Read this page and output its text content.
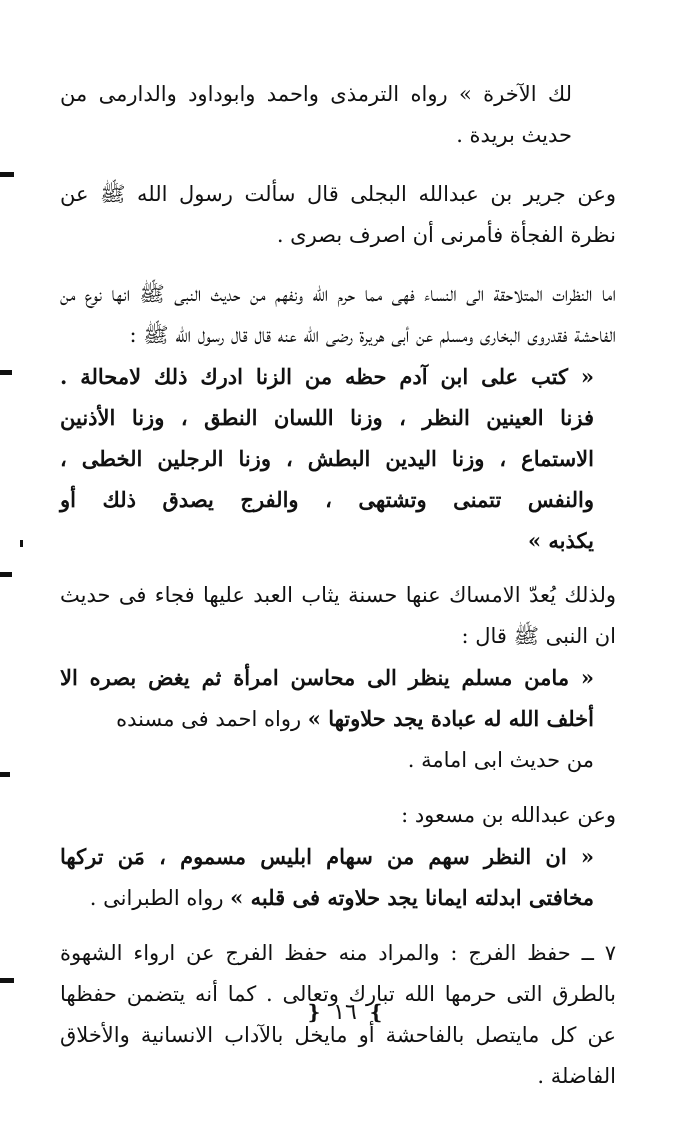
لك الآخرة » رواه الترمذى واحمد وابوداود والدارمى من حديث بريدة .

وعن جرير بن عبدالله البجلى قال سألت رسول الله ﷺ عن نظرة الفجأة فأمرنى أن اصرف بصرى .

اما النظرات المتلاحقة الى النساء فهى مما حرم الله ونفهم من حديث النبى ﷺ انها نوع من الفاحشة فقدروى البخارى ومسلم عن أبى هريرة رضى الله عنه قال قال رسول الله ﷺ :

« كتب على ابن آدم حظه من الزنا ادرك ذلك لامحالة .
فزنا العينين النظر ، وزنا اللسان النطق ، وزنا الأذنين
الاستماع ، وزنا اليدين البطش ، وزنا الرجلين الخطى ،
والنفس تتمنى وتشتهى ، والفرج يصدق ذلك أو
يكذبه »

ولذلك يُعدّ الامساك عنها حسنة يثاب العبد عليها فجاء فى حديث ان النبى ﷺ قال :

« مامن مسلم ينظر الى محاسن امرأة ثم يغض بصره الا
أخلف الله له عبادة يجد حلاوتها » رواه احمد فى مسنده
من حديث ابى امامة .

وعن عبدالله بن مسعود :

« ان النظر سهم من سهام ابليس مسموم ، مَن تركها
مخافتى ابدلته ايمانا يجد حلاوته فى قلبه » رواه الطبرانى .

٧ ــ حفظ الفرج : والمراد منه حفظ الفرج عن ارواء الشهوة بالطرق التى حرمها الله تبارك وتعالى . كما أنه يتضمن حفظها عن كل مايتصل بالفاحشة أو مايخل بالآداب الانسانية والأخلاق الفاضلة .

❵ ١٦ ❴
